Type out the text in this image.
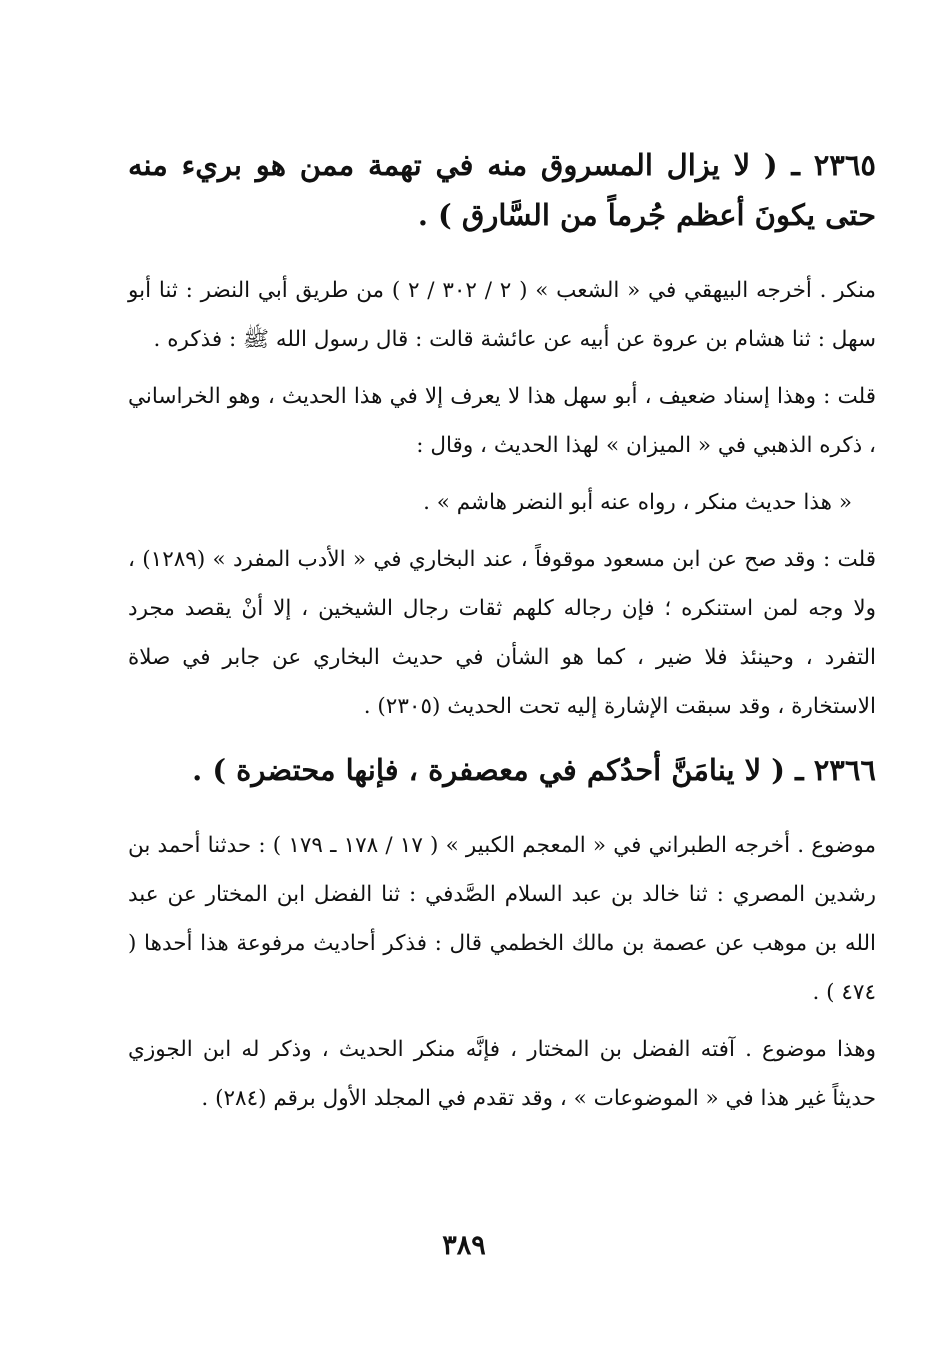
٢٣٦٥ ـ ( لا يزال المسروق منه في تهمة ممن هو بريء منه حتى يكونَ أعظم جُرماً من السَّارق ) .

منكر . أخرجه البيهقي في « الشعب » ( ٢ / ٣٠٢ / ٢ ) من طريق أبي النضر : ثنا أبو سهل : ثنا هشام بن عروة عن أبيه عن عائشة قالت : قال رسول الله ﷺ : فذكره .

قلت : وهذا إسناد ضعيف ، أبو سهل هذا لا يعرف إلا في هذا الحديث ، وهو الخراساني ، ذكره الذهبي في « الميزان » لهذا الحديث ، وقال :

« هذا حديث منكر ، رواه عنه أبو النضر هاشم » .

قلت : وقد صح عن ابن مسعود موقوفاً ، عند البخاري في « الأدب المفرد » (١٢٨٩) ، ولا وجه لمن استنكره ؛ فإن رجاله كلهم ثقات رجال الشيخين ، إلا أنْ يقصد مجرد التفرد ، وحينئذ فلا ضير ، كما هو الشأن في حديث البخاري عن جابر في صلاة الاستخارة ، وقد سبقت الإشارة إليه تحت الحديث (٢٣٠٥) .

٢٣٦٦ ـ ( لا ينامَنَّ أحدُكم في معصفرة ، فإنها محتضرة ) .

موضوع . أخرجه الطبراني في « المعجم الكبير » ( ١٧ / ١٧٨ ـ ١٧٩ ) : حدثنا أحمد بن رشدين المصري : ثنا خالد بن عبد السلام الصَّدفي : ثنا الفضل ابن المختار عن عبد الله بن موهب عن عصمة بن مالك الخطمي قال : فذكر أحاديث مرفوعة هذا أحدها ( ٤٧٤ ) .

وهذا موضوع . آفته الفضل بن المختار ، فإنَّه منكر الحديث ، وذكر له ابن الجوزي حديثاً غير هذا في « الموضوعات » ، وقد تقدم في المجلد الأول برقم (٢٨٤) .

٣٨٩
